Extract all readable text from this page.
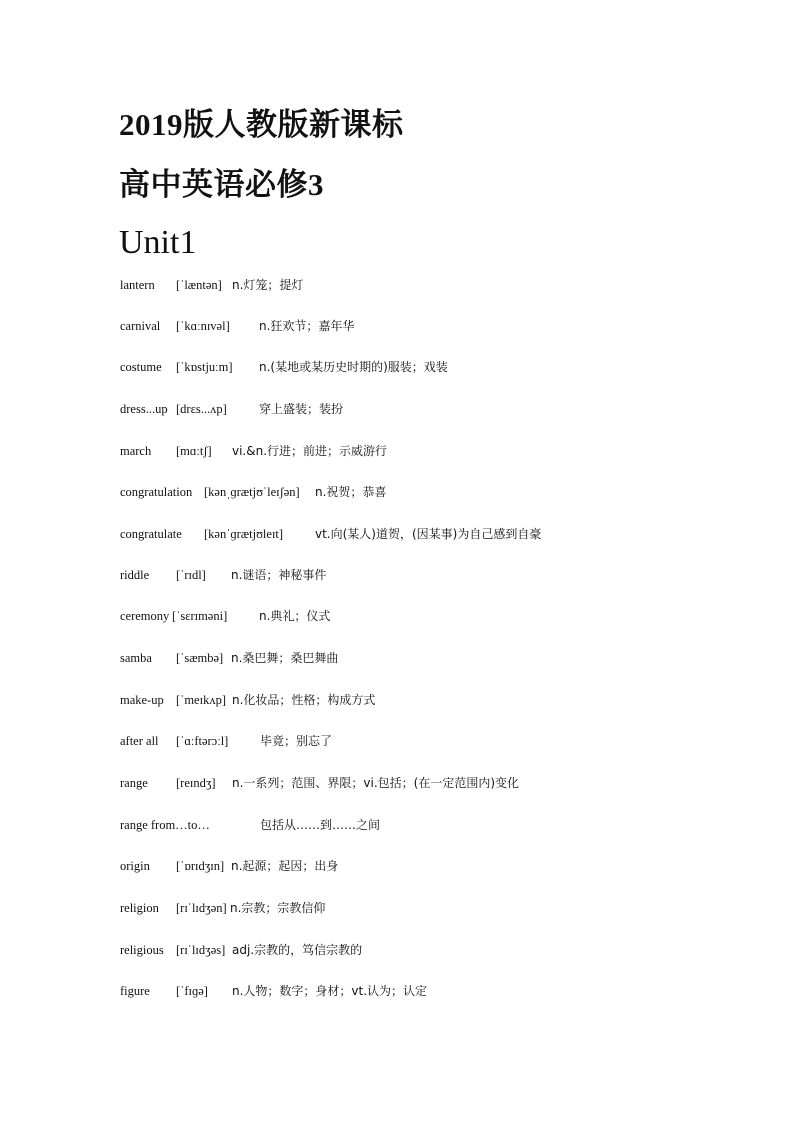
2019版人教版新课标
高中英语必修3
Unit1
lantern [ˈlæntən] n.灯笼；提灯
carnival [ˈkɑːnɪvəl] n.狂欢节；嘉年华
costume [ˈkɒstjuːm] n.(某地或某历史时期的)服装；戏装
dress...up [drɛs...ʌp]	穿上盛装；装扮
march [mɑːtʃ] vi.&n.行进；前进；示威游行
congratulation [kənˌɡrætjʊˈleɪʃən] n.祝贺；恭喜
congratulate [kənˈɡrætjʊleɪt]	vt.向(某人)道贺，(因某事)为自己感到自豪
riddle [ˈrɪdl] n.谜语；神秘事件
ceremony [ˈsɛrɪməni]	n.典礼；仪式
samba [ˈsæmbə] n.桑巴舞；桑巴舞曲
make-up [ˈmeɪkʌp] n.化妆品；性格；构成方式
after all [ˈɑːftərɔːl]	毕竟；别忘了
range [reɪndʒ] n.一系列；范围、界限；vi.包括；(在一定范围内)变化
range from…to…	包括从……到……之间
origin [ˈɒrɪdʒɪn] n.起源；起因；出身
religion [rɪˈlɪdʒən] n.宗教；宗教信仰
religious [rɪˈlɪdʒəs] adj.宗教的，笃信宗教的
figure [ˈfɪɡə] n.人物；数字；身材；vt.认为；认定
